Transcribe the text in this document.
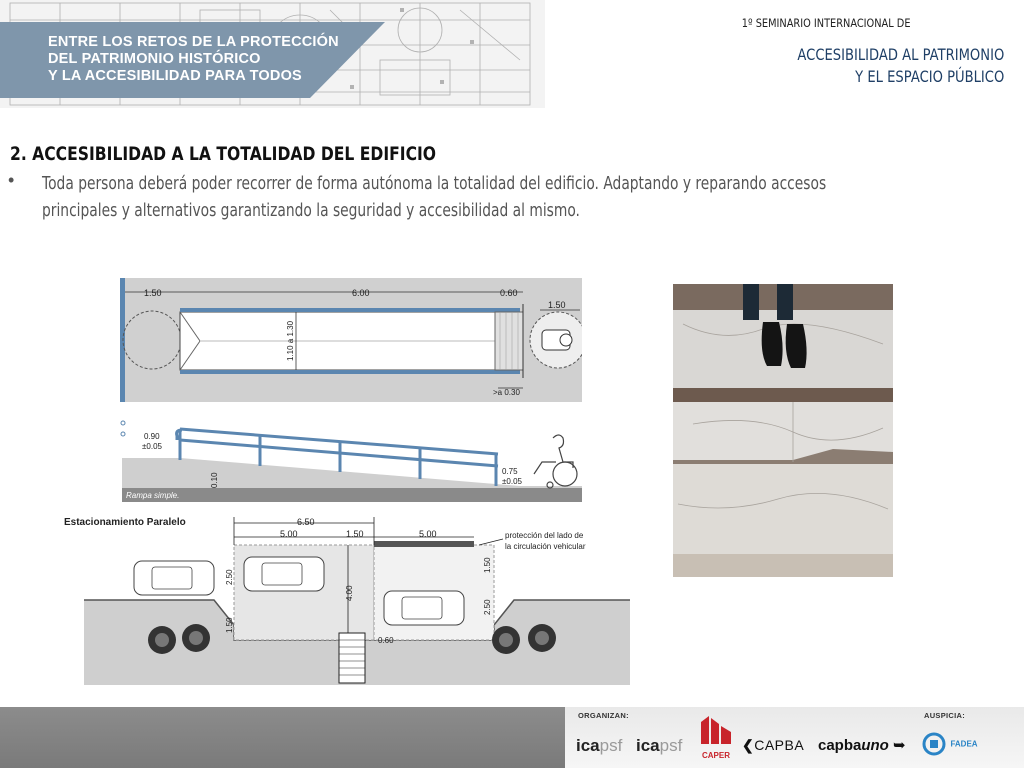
ENTRE LOS RETOS DE LA PROTECCIÓN
DEL PATRIMONIO HISTÓRICO
Y LA ACCESIBILIDAD PARA TODOS
1º SEMINARIO INTERNACIONAL DE
ACCESIBILIDAD AL PATRIMONIO
Y EL ESPACIO PÚBLICO
2. ACCESIBILIDAD A LA TOTALIDAD DEL EDIFICIO
• Toda persona deberá poder recorrer de forma autónoma la totalidad del edificio. Adaptando y reparando accesos
principales y alternativos garantizando la seguridad y accesibilidad al mismo.
1.50	6.00	0.60
1.50
1.10 a 1.30
>a 0.30
0.90
±0.05
0.75
±0.05
0.10
Rampa simple.
Estacionamiento Paralelo	6.50
5.00	1.50	5.00
2.50
4.00
1.50
2.50
1.50
0.60
protección del lado de
la circulación vehicular
ORGANIZAN:	AUSPICIA:
icapsf icapsf
CAPER
❮CAPBA capbauno ➥	FADEA
